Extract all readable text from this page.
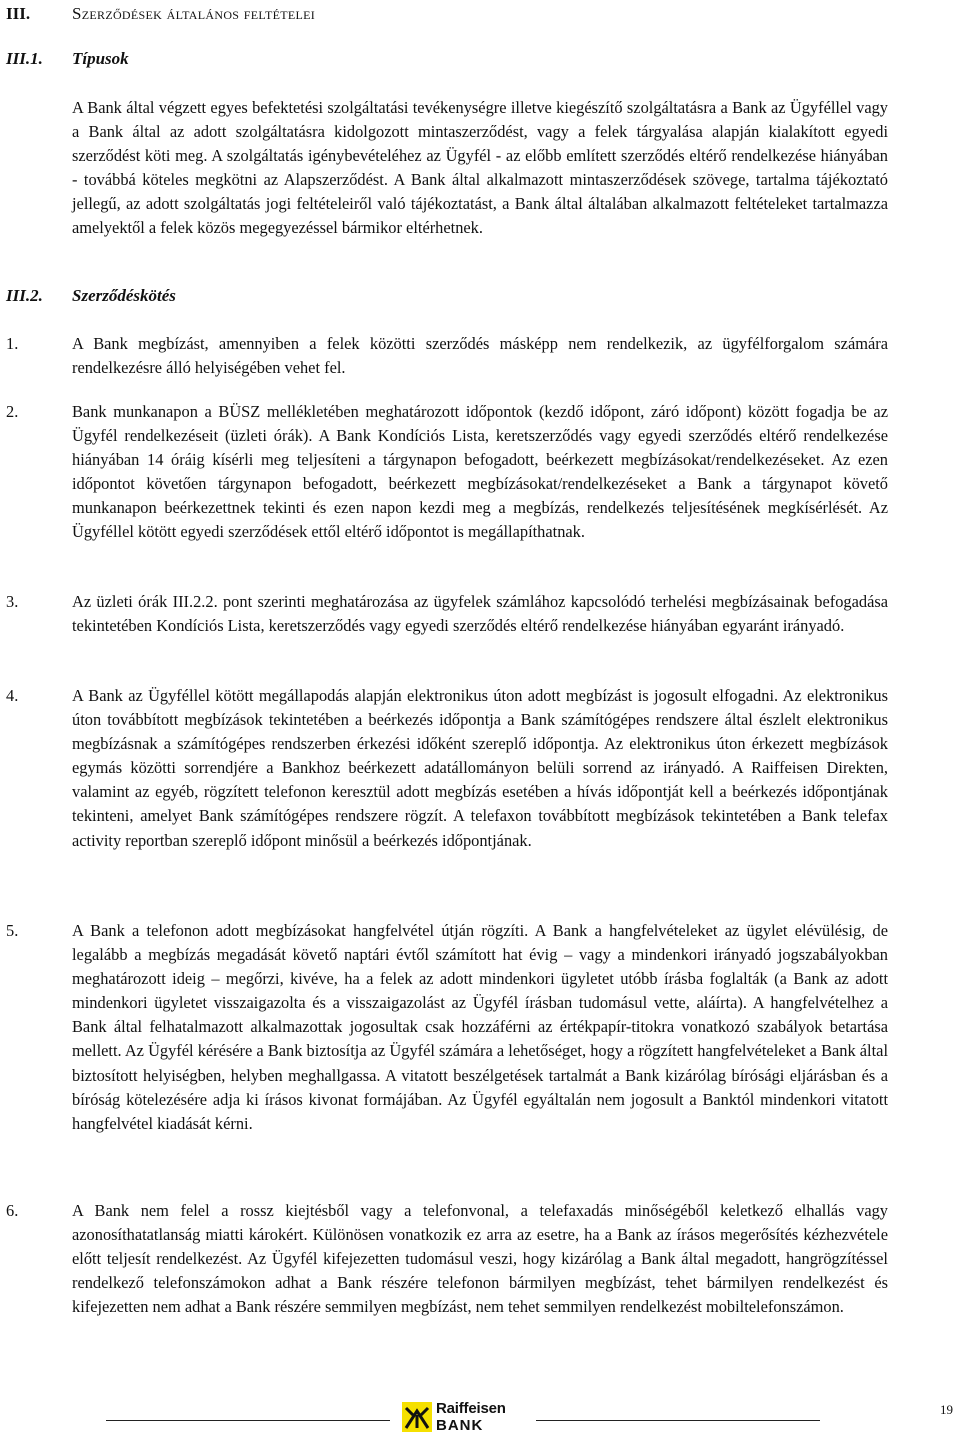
III. Szerződések általános feltételei
III.1. Típusok
A Bank által végzett egyes befektetési szolgáltatási tevékenységre illetve kiegészítő szolgáltatásra a Bank az Ügyféllel vagy a Bank által az adott szolgáltatásra kidolgozott mintaszerződést, vagy a felek tárgyalása alapján kialakított egyedi szerződést köti meg. A szolgáltatás igénybevételéhez az Ügyfél - az előbb említett szerződés eltérő rendelkezése hiányában - továbbá köteles megkötni az Alapszerződést. A Bank által alkalmazott mintaszerződések szövege, tartalma tájékoztató jellegű, az adott szolgáltatás jogi feltételeiről való tájékoztatást, a Bank által általában alkalmazott feltételeket tartalmazza amelyektől a felek közös megegyezéssel bármikor eltérhetnek.
III.2. Szerződéskötés
1.	A Bank megbízást, amennyiben a felek közötti szerződés másképp nem rendelkezik, az ügyfélforgalom számára rendelkezésre álló helyiségében vehet fel.
2.	Bank munkanapon a BÜSZ mellékletében meghatározott időpontok (kezdő időpont, záró időpont) között fogadja be az Ügyfél rendelkezéseit (üzleti órák). A Bank Kondíciós Lista, keretszerződés vagy egyedi szerződés eltérő rendelkezése hiányában 14 óráig kísérli meg teljesíteni a tárgynapon befogadott, beérkezett megbízásokat/rendelkezéseket. Az ezen időpontot követően tárgynapon befogadott, beérkezett megbízásokat/rendelkezéseket a Bank a tárgynapot követő munkanapon beérkezettnek tekinti és ezen napon kezdi meg a megbízás, rendelkezés teljesítésének megkísérlését. Az Ügyféllel kötött egyedi szerződések ettől eltérő időpontot is megállapíthatnak.
3.	Az üzleti órák III.2.2. pont szerinti meghatározása az ügyfelek számlához kapcsolódó terhelési megbízásainak befogadása tekintetében Kondíciós Lista, keretszerződés vagy egyedi szerződés eltérő rendelkezése hiányában egyaránt irányadó.
4.	A Bank az Ügyféllel kötött megállapodás alapján elektronikus úton adott megbízást is jogosult elfogadni. Az elektronikus úton továbbított megbízások tekintetében a beérkezés időpontja a Bank számítógépes rendszere által észlelt elektronikus megbízásnak a számítógépes rendszerben érkezési időként szereplő időpontja. Az elektronikus úton érkezett megbízások egymás közötti sorrendjére a Bankhoz beérkezett adatállományon belüli sorrend az irányadó. A Raiffeisen Direkten, valamint az egyéb, rögzített telefonon keresztül adott megbízás esetében a hívás időpontját kell a beérkezés időpontjának tekinteni, amelyet Bank számítógépes rendszere rögzít. A telefaxon továbbított megbízások tekintetében a Bank telefax activity reportban szereplő időpont minősül a beérkezés időpontjának.
5.	A Bank a telefonon adott megbízásokat hangfelvétel útján rögzíti. A Bank a hangfelvételeket az ügylet elévülésig, de legalább a megbízás megadását követő naptári évtől számított hat évig – vagy a mindenkori irányadó jogszabályokban meghatározott ideig – megőrzi, kivéve, ha a felek az adott mindenkori ügyletet utóbb írásba foglalták (a Bank az adott mindenkori ügyletet visszaigazolta és a visszaigazolást az Ügyfél írásban tudomásul vette, aláírta). A hangfelvételhez a Bank által felhatalmazott alkalmazottak jogosultak csak hozzáférni az értékpapír-titokra vonatkozó szabályok betartása mellett. Az Ügyfél kérésére a Bank biztosítja az Ügyfél számára a lehetőséget, hogy a rögzített hangfelvételeket a Bank által biztosított helyiségben, helyben meghallgassa. A vitatott beszélgetések tartalmát a Bank kizárólag bírósági eljárásban és a bíróság kötelezésére adja ki írásos kivonat formájában. Az Ügyfél egyáltalán nem jogosult a Banktól mindenkori vitatott hangfelvétel kiadását kérni.
6.	A Bank nem felel a rossz kiejtésből vagy a telefonvonal, a telefaxadás minőségéből keletkező elhallás vagy azonosíthatatlanság miatti károkért. Különösen vonatkozik ez arra az esetre, ha a Bank az írásos megerősítés kézhezvétele előtt teljesít rendelkezést. Az Ügyfél kifejezetten tudomásul veszi, hogy kizárólag a Bank által megadott, hangrögzítéssel rendelkező telefonszámokon adhat a Bank részére telefonon bármilyen megbízást, tehet bármilyen rendelkezést és kifejezetten nem adhat a Bank részére semmilyen megbízást, nem tehet semmilyen rendelkezést mobiltelefonszámon.
Raiffeisen
BANK
19
